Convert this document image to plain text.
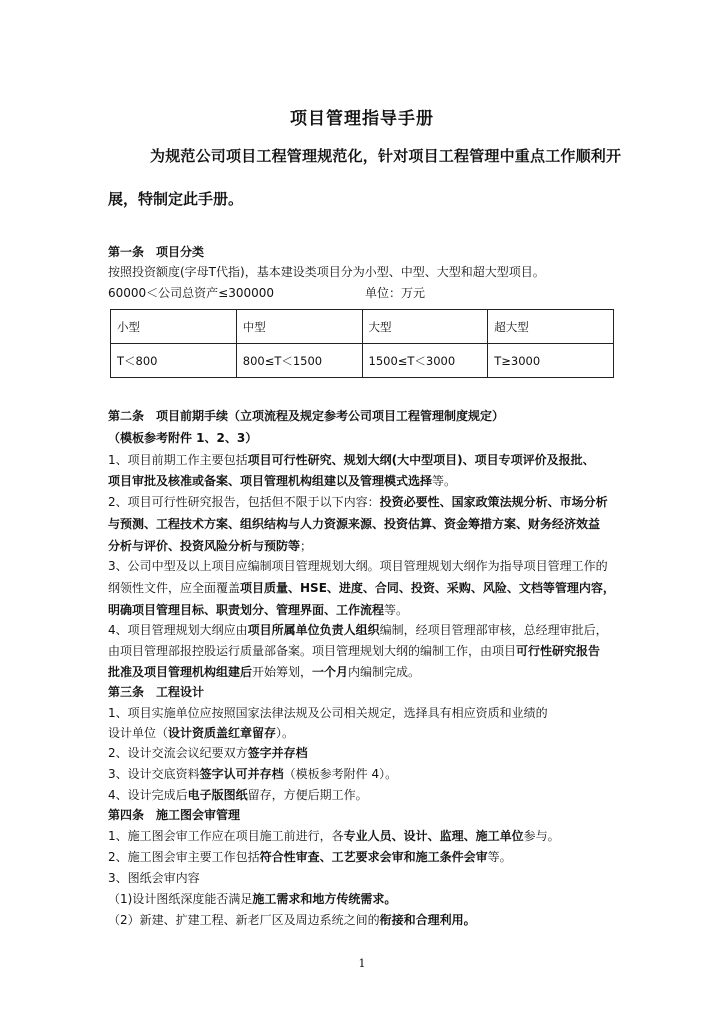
项目管理指导手册
为规范公司项目工程管理规范化，针对项目工程管理中重点工作顺利开
展，特制定此手册。
第一条　项目分类
按照投资额度(字母T代指)，基本建设类项目分为小型、中型、大型和超大型项目。
60000＜公司总资产≤300000	单位：万元
小型	中型	大型	超大型
T＜800	800≤T＜1500	1500≤T＜3000	T≥3000
第二条　项目前期手续（立项流程及规定参考公司项目工程管理制度规定）
（模板参考附件 1、2、3）
1、项目前期工作主要包括项目可行性研究、规划大纲(大中型项目)、项目专项评价及报批、
项目审批及核准或备案、项目管理机构组建以及管理模式选择等。
2、项目可行性研究报告，包括但不限于以下内容：投资必要性、国家政策法规分析、市场分析
与预测、工程技术方案、组织结构与人力资源来源、投资估算、资金筹措方案、财务经济效益
分析与评价、投资风险分析与预防等；
3、公司中型及以上项目应编制项目管理规划大纲。项目管理规划大纲作为指导项目管理工作的
纲领性文件，应全面覆盖项目质量、HSE、进度、合同、投资、采购、风险、文档等管理内容，
明确项目管理目标、职责划分、管理界面、工作流程等。
4、项目管理规划大纲应由项目所属单位负责人组织编制，经项目管理部审核，总经理审批后，
由项目管理部报控股运行质量部备案。项目管理规划大纲的编制工作，由项目可行性研究报告
批准及项目管理机构组建后开始筹划，一个月内编制完成。
第三条　工程设计
1、项目实施单位应按照国家法律法规及公司相关规定，选择具有相应资质和业绩的
设计单位（设计资质盖红章留存）。
2、设计交流会议纪要双方签字并存档
3、设计交底资料签字认可并存档（模板参考附件 4）。
4、设计完成后电子版图纸留存，方便后期工作。
第四条　施工图会审管理
1、施工图会审工作应在项目施工前进行，各专业人员、设计、监理、施工单位参与。
2、施工图会审主要工作包括符合性审查、工艺要求会审和施工条件会审等。
3、图纸会审内容
（1)设计图纸深度能否满足施工需求和地方传统需求。
（2）新建、扩建工程、新老厂区及周边系统之间的衔接和合理利用。
1
